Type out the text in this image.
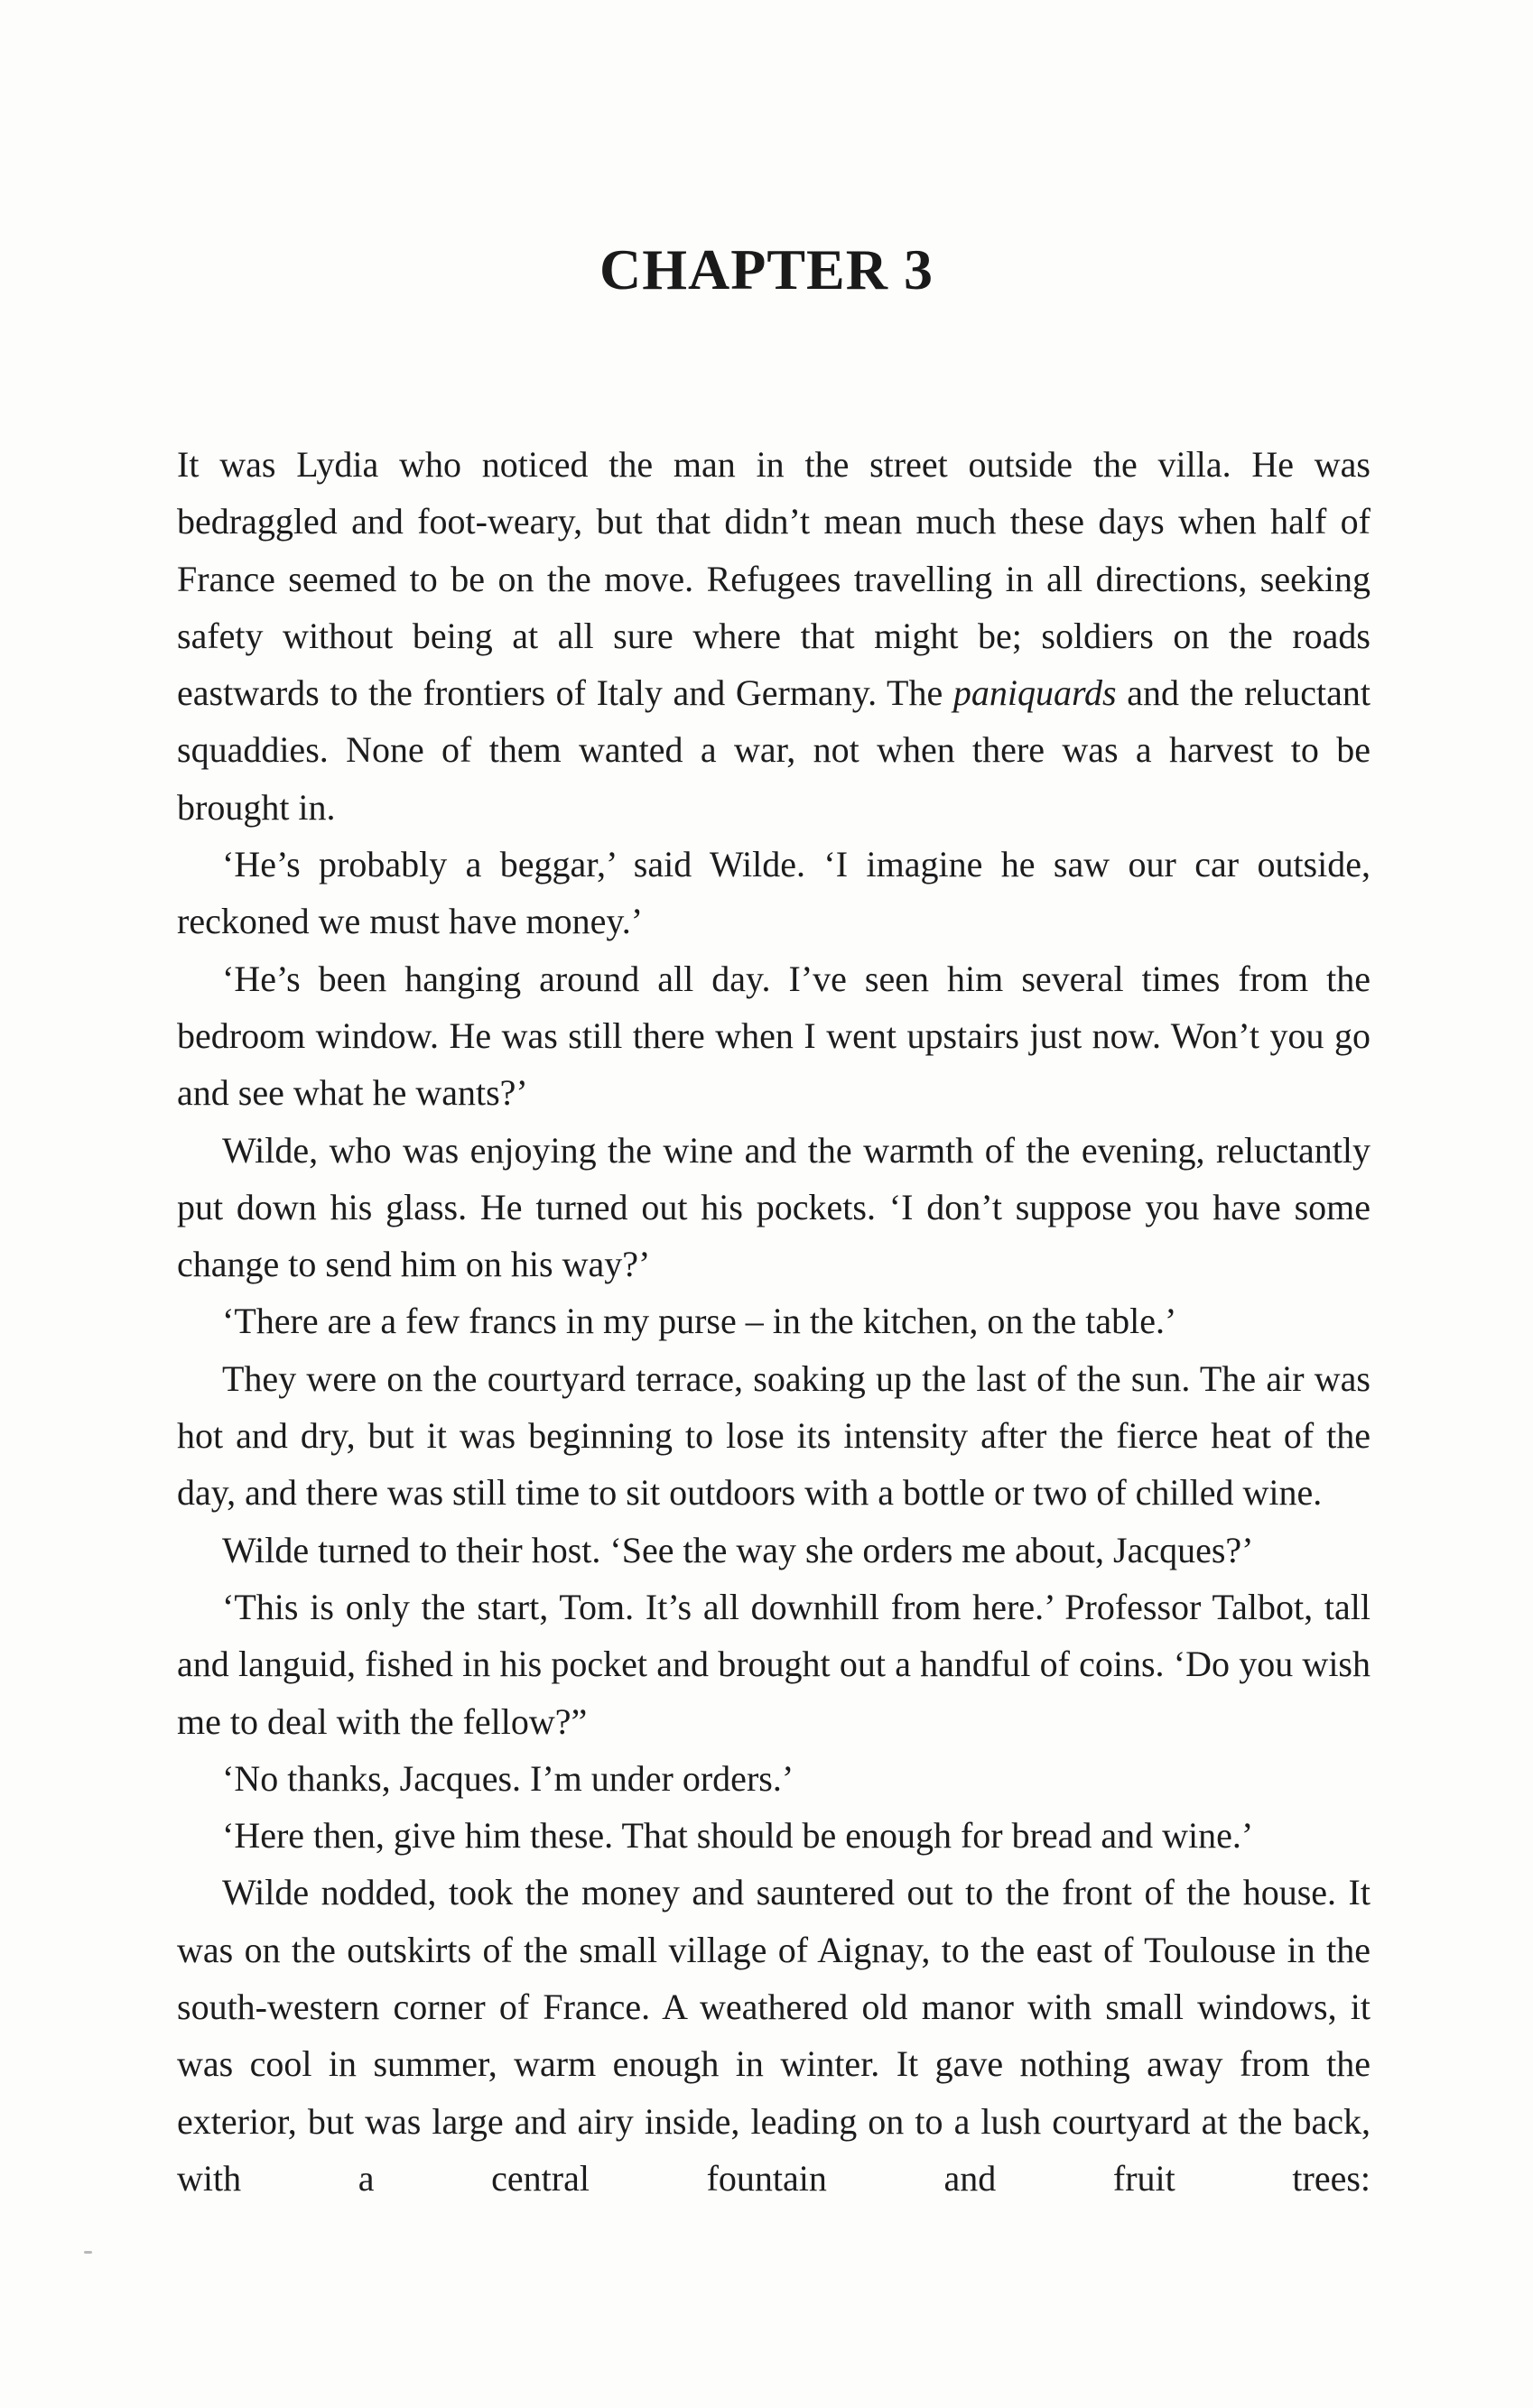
CHAPTER 3

It was Lydia who noticed the man in the street outside the villa. He was bedraggled and foot-weary, but that didn’t mean much these days when half of France seemed to be on the move. Refugees travelling in all directions, seeking safety without being at all sure where that might be; soldiers on the roads eastwards to the frontiers of Italy and Germany. The paniquards and the reluctant squaddies. None of them wanted a war, not when there was a harvest to be brought in.

‘He’s probably a beggar,’ said Wilde. ‘I imagine he saw our car outside, reckoned we must have money.’

‘He’s been hanging around all day. I’ve seen him several times from the bedroom window. He was still there when I went upstairs just now. Won’t you go and see what he wants?’

Wilde, who was enjoying the wine and the warmth of the evening, reluctantly put down his glass. He turned out his pockets. ‘I don’t suppose you have some change to send him on his way?’

‘There are a few francs in my purse – in the kitchen, on the table.’

They were on the courtyard terrace, soaking up the last of the sun. The air was hot and dry, but it was beginning to lose its intensity after the fierce heat of the day, and there was still time to sit outdoors with a bottle or two of chilled wine.

Wilde turned to their host. ‘See the way she orders me about, Jacques?’

‘This is only the start, Tom. It’s all downhill from here.’ Professor Talbot, tall and languid, fished in his pocket and brought out a handful of coins. ‘Do you wish me to deal with the fellow?”

‘No thanks, Jacques. I’m under orders.’

‘Here then, give him these. That should be enough for bread and wine.’

Wilde nodded, took the money and sauntered out to the front of the house. It was on the outskirts of the small village of Aignay, to the east of Toulouse in the south-western corner of France. A weathered old manor with small windows, it was cool in summer, warm enough in winter. It gave nothing away from the exterior, but was large and airy inside, leading on to a lush courtyard at the back, with a central fountain and fruit trees:
